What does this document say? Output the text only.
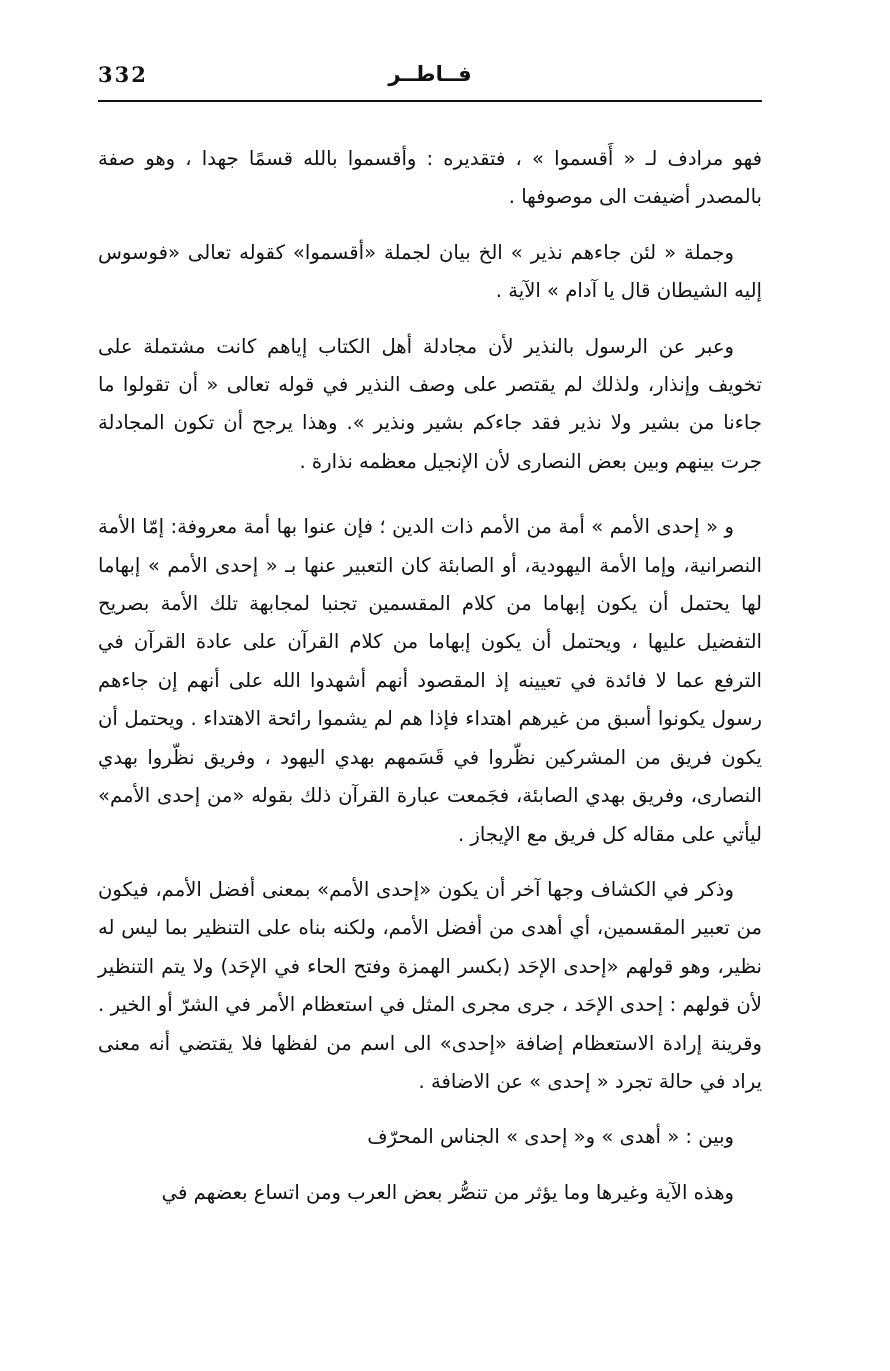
332	فــاطــر

فهو مرادف لـ « أَقسموا » ، فتقديره : وأقسموا بالله قسمًا جهدا ، وهو صفة بالمصدر أضيفت الى موصوفها .

وجملة « لئن جاءهم نذير » الخ بيان لجملة «أقسموا» كقوله تعالى «فوسوس إليه الشيطان قال يا آدام » الآية .

وعبر عن الرسول بالنذير لأن مجادلة أهل الكتاب إياهم كانت مشتملة على تخويف وإنذار، ولذلك لم يقتصر على وصف النذير في قوله تعالى « أن تقولوا ما جاءنا من بشير ولا نذير فقد جاءكم بشير ونذير ». وهذا يرجح أن تكون المجادلة جرت بينهم وبين بعض النصارى لأن الإنجيل معظمه نذارة .

و « إحدى الأمم » أمة من الأمم ذات الدين ؛ فإن عنوا بها أمة معروفة: إمّا الأمة النصرانية، وإما الأمة اليهودية، أو الصابئة كان التعبير عنها بـ « إحدى الأمم » إبهاما لها يحتمل أن يكون إبهاما من كلام المقسمين تجنبا لمجابهة تلك الأمة بصريح التفضيل عليها ، ويحتمل أن يكون إبهاما من كلام القرآن على عادة القرآن في الترفع عما لا فائدة في تعيينه إذ المقصود أنهم أشهدوا الله على أنهم إن جاءهم رسول يكونوا أسبق من غيرهم اهتداء فإذا هم لم يشموا رائحة الاهتداء . ويحتمل أن يكون فريق من المشركين نظّروا في قَسَمهم بهدي اليهود ، وفريق نظّروا بهدي النصارى، وفريق بهدي الصابئة، فجَمعت عبارة القرآن ذلك بقوله «من إحدى الأمم» ليأتي على مقاله كل فريق مع الإيجاز .

وذكر في الكشاف وجها آخر أن يكون «إحدى الأمم» بمعنى أفضل الأمم، فيكون من تعبير المقسمين، أي أهدى من أفضل الأمم، ولكنه بناه على التنظير بما ليس له نظير، وهو قولهم «إحدى الإحَد (بكسر الهمزة وفتح الحاء في الإحَد) ولا يتم التنظير لأن قولهم : إحدى الإحَد ، جرى مجرى المثل في استعظام الأمر في الشرّ أو الخير . وقرينة إرادة الاستعظام إضافة «إحدى» الى اسم من لفظها فلا يقتضي أنه معنى يراد في حالة تجرد « إحدى » عن الاضافة .

وبين : « أهدى » و« إحدى » الجناس المحرّف

وهذه الآية وغيرها وما يؤثر من تنصُّر بعض العرب ومن اتساع بعضهم في
